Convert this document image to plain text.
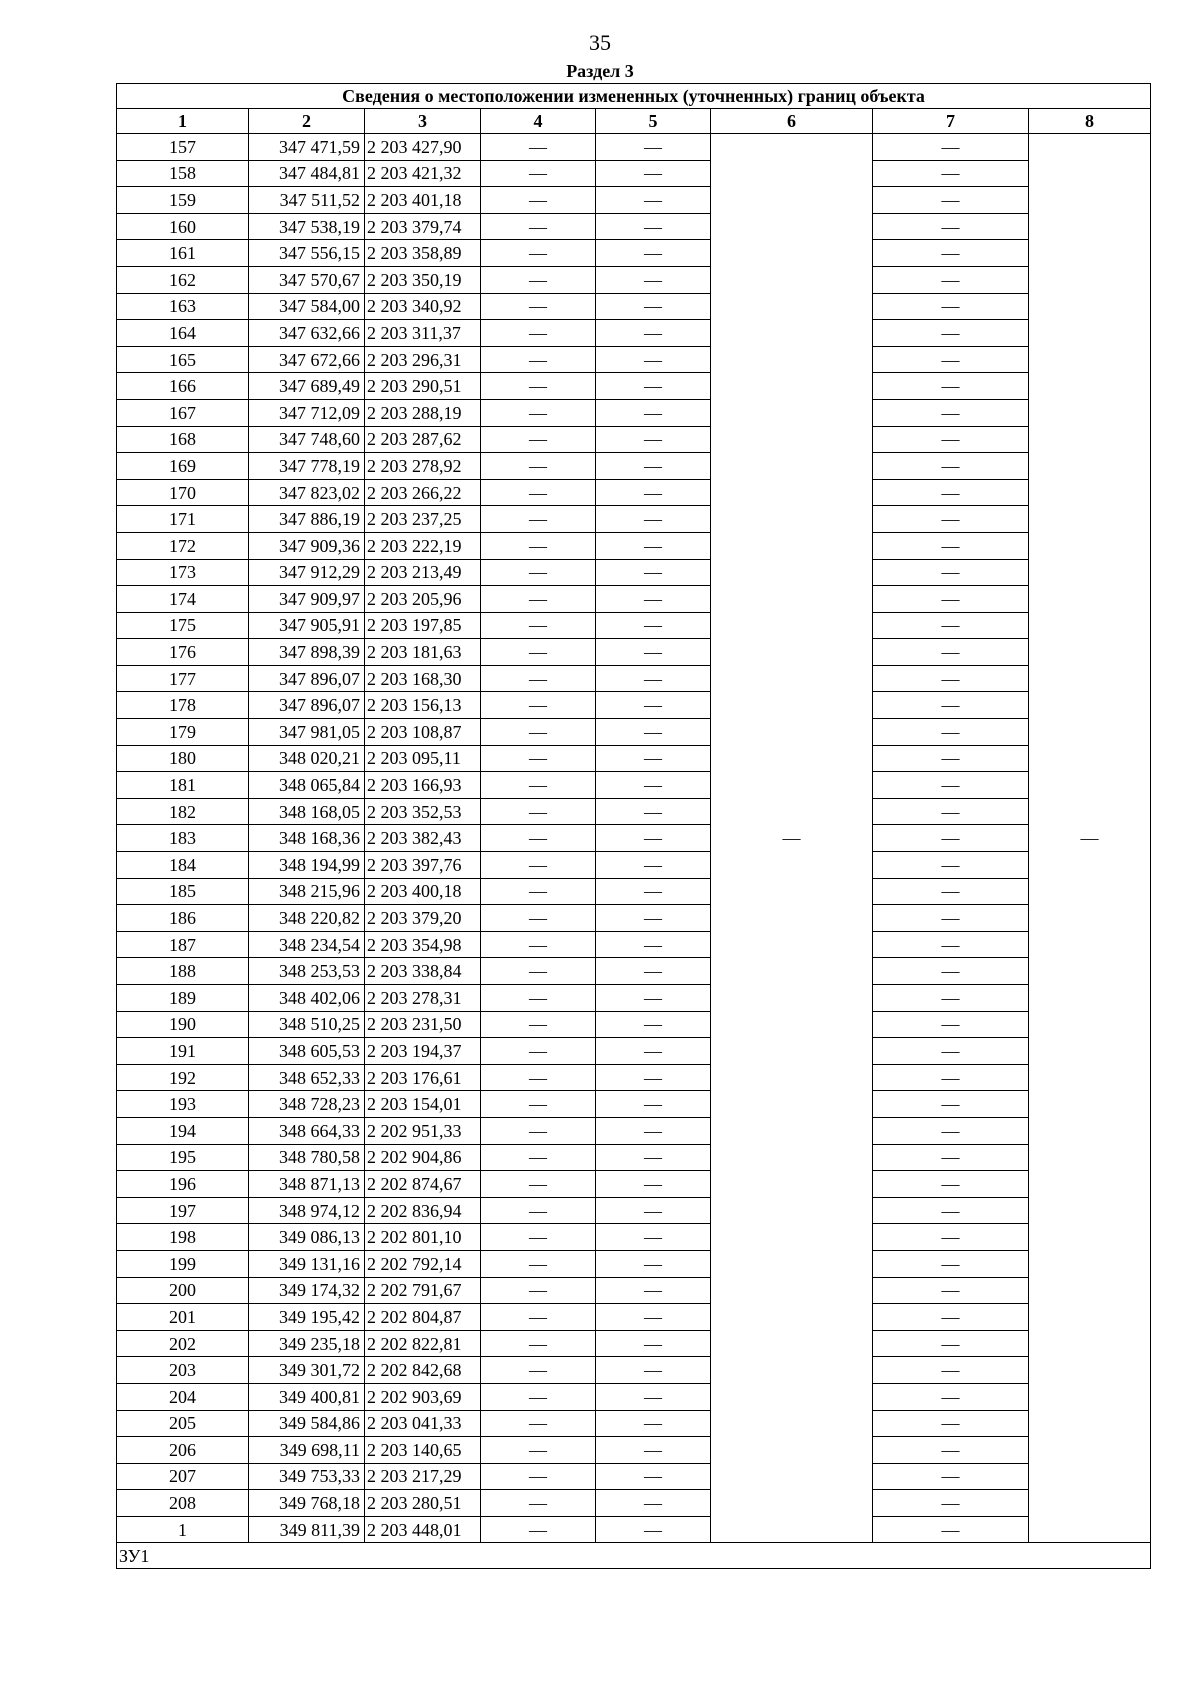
35
Раздел 3
Сведения о местоположении измененных (уточненных) границ объекта							
1	2	3	4	5	6	7	8
157	347 471,59	2 203 427,90	—	—	—	—	—
158	347 484,81	2 203 421,32	—	—		—	
159	347 511,52	2 203 401,18	—	—		—	
160	347 538,19	2 203 379,74	—	—		—	
161	347 556,15	2 203 358,89	—	—		—	
162	347 570,67	2 203 350,19	—	—		—	
163	347 584,00	2 203 340,92	—	—		—	
164	347 632,66	2 203 311,37	—	—		—	
165	347 672,66	2 203 296,31	—	—		—	
166	347 689,49	2 203 290,51	—	—		—	
167	347 712,09	2 203 288,19	—	—		—	
168	347 748,60	2 203 287,62	—	—		—	
169	347 778,19	2 203 278,92	—	—		—	
170	347 823,02	2 203 266,22	—	—		—	
171	347 886,19	2 203 237,25	—	—		—	
172	347 909,36	2 203 222,19	—	—		—	
173	347 912,29	2 203 213,49	—	—		—	
174	347 909,97	2 203 205,96	—	—		—	
175	347 905,91	2 203 197,85	—	—		—	
176	347 898,39	2 203 181,63	—	—		—	
177	347 896,07	2 203 168,30	—	—		—	
178	347 896,07	2 203 156,13	—	—		—	
179	347 981,05	2 203 108,87	—	—		—	
180	348 020,21	2 203 095,11	—	—		—	
181	348 065,84	2 203 166,93	—	—		—	
182	348 168,05	2 203 352,53	—	—		—	
183	348 168,36	2 203 382,43	—	—		—	
184	348 194,99	2 203 397,76	—	—		—	
185	348 215,96	2 203 400,18	—	—		—	
186	348 220,82	2 203 379,20	—	—		—	
187	348 234,54	2 203 354,98	—	—		—	
188	348 253,53	2 203 338,84	—	—		—	
189	348 402,06	2 203 278,31	—	—		—	
190	348 510,25	2 203 231,50	—	—		—	
191	348 605,53	2 203 194,37	—	—		—	
192	348 652,33	2 203 176,61	—	—		—	
193	348 728,23	2 203 154,01	—	—		—	
194	348 664,33	2 202 951,33	—	—		—	
195	348 780,58	2 202 904,86	—	—		—	
196	348 871,13	2 202 874,67	—	—		—	
197	348 974,12	2 202 836,94	—	—		—	
198	349 086,13	2 202 801,10	—	—		—	
199	349 131,16	2 202 792,14	—	—		—	
200	349 174,32	2 202 791,67	—	—		—	
201	349 195,42	2 202 804,87	—	—		—	
202	349 235,18	2 202 822,81	—	—		—	
203	349 301,72	2 202 842,68	—	—		—	
204	349 400,81	2 202 903,69	—	—		—	
205	349 584,86	2 203 041,33	—	—		—	
206	349 698,11	2 203 140,65	—	—		—	
207	349 753,33	2 203 217,29	—	—		—	
208	349 768,18	2 203 280,51	—	—		—	
1	349 811,39	2 203 448,01	—	—		—	
ЗУ1							
